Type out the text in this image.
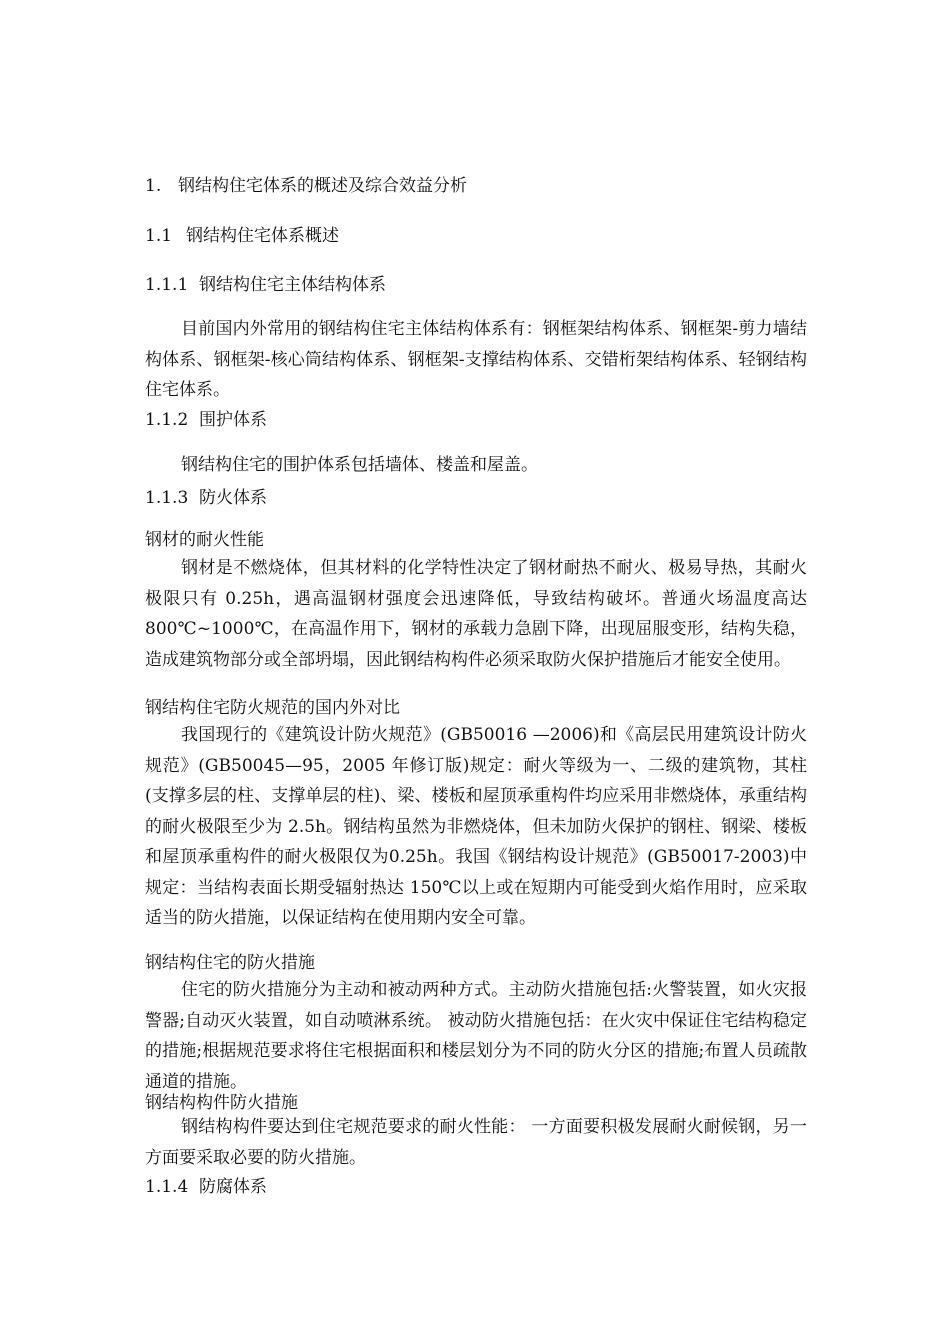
1. 钢结构住宅体系的概述及综合效益分析
1.1 钢结构住宅体系概述
1.1.1 钢结构住宅主体结构体系

目前国内外常用的钢结构住宅主体结构体系有：钢框架结构体系、钢框架-剪力墙结构体系、钢框架-核心筒结构体系、钢框架-支撑结构体系、交错桁架结构体系、轻钢结构住宅体系。

1.1.2 围护体系

钢结构住宅的围护体系包括墙体、楼盖和屋盖。

1.1.3 防火体系
钢材的耐火性能

钢材是不燃烧体，但其材料的化学特性决定了钢材耐热不耐火、极易导热，其耐火极限只有 0.25h，遇高温钢材强度会迅速降低，导致结构破坏。普通火场温度高达 800℃~1000℃，在高温作用下，钢材的承载力急剧下降，出现屈服变形，结构失稳，造成建筑物部分或全部坍塌，因此钢结构构件必须采取防火保护措施后才能安全使用。

钢结构住宅防火规范的国内外对比

我国现行的《建筑设计防火规范》(GB50016 —2006)和《高层民用建筑设计防火规范》(GB50045—95，2005 年修订版)规定：耐火等级为一、二级的建筑物，其柱(支撑多层的柱、支撑单层的柱)、梁、楼板和屋顶承重构件均应采用非燃烧体，承重结构的耐火极限至少为 2.5h。钢结构虽然为非燃烧体，但未加防火保护的钢柱、钢梁、楼板和屋顶承重构件的耐火极限仅为0.25h。我国《钢结构设计规范》(GB50017-2003)中规定：当结构表面长期受辐射热达 150℃以上或在短期内可能受到火焰作用时，应采取适当的防火措施，以保证结构在使用期内安全可靠。

钢结构住宅的防火措施

住宅的防火措施分为主动和被动两种方式。主动防火措施包括:火警装置，如火灾报警器;自动灭火装置，如自动喷淋系统。 被动防火措施包括：在火灾中保证住宅结构稳定的措施;根据规范要求将住宅根据面积和楼层划分为不同的防火分区的措施;布置人员疏散通道的措施。

钢结构构件防火措施

钢结构构件要达到住宅规范要求的耐火性能： 一方面要积极发展耐火耐候钢，另一方面要采取必要的防火措施。

1.1.4 防腐体系
